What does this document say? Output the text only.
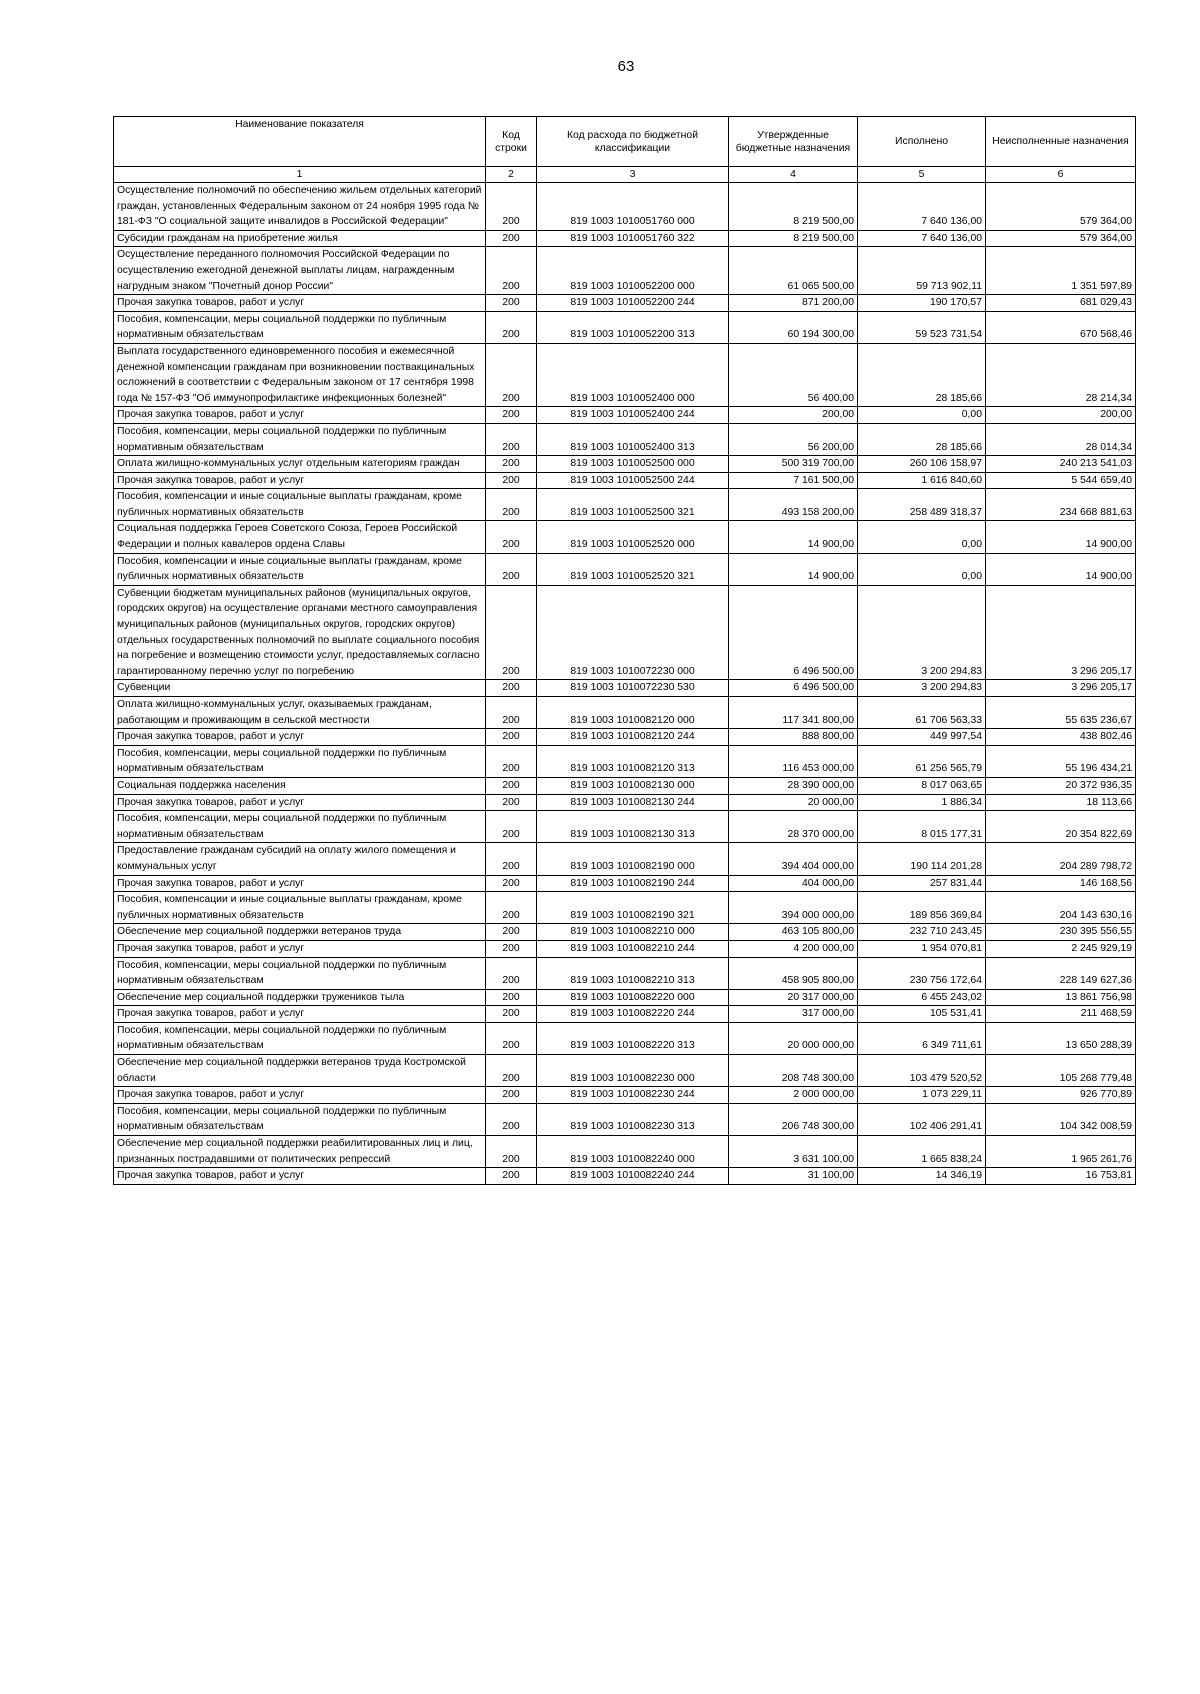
63
Наименование показателя	Код строки	Код расхода по бюджетной классификации	Утвержденные бюджетные назначения	Исполнено	Неисполненные назначения
1	2	3	4	5	6
Осуществление полномочий по обеспечению жильем отдельных категорий граждан, установленных Федеральным законом от 24 ноября 1995 года № 181-ФЗ "О социальной защите инвалидов в Российской Федерации"	200	819 1003 1010051760 000	8 219 500,00	7 640 136,00	579 364,00
Субсидии гражданам на приобретение жилья	200	819 1003 1010051760 322	8 219 500,00	7 640 136,00	579 364,00
Осуществление переданного полномочия Российской Федерации по осуществлению ежегодной денежной выплаты лицам, награжденным нагрудным знаком "Почетный донор России"	200	819 1003 1010052200 000	61 065 500,00	59 713 902,11	1 351 597,89
Прочая закупка товаров, работ и услуг	200	819 1003 1010052200 244	871 200,00	190 170,57	681 029,43
Пособия, компенсации, меры социальной поддержки по публичным нормативным обязательствам	200	819 1003 1010052200 313	60 194 300,00	59 523 731,54	670 568,46
Выплата государственного единовременного пособия и ежемесячной денежной компенсации гражданам при возникновении поствакцинальных осложнений в соответствии с Федеральным законом от 17 сентября 1998 года № 157-ФЗ "Об иммунопрофилактике инфекционных болезней"	200	819 1003 1010052400 000	56 400,00	28 185,66	28 214,34
Прочая закупка товаров, работ и услуг	200	819 1003 1010052400 244	200,00	0,00	200,00
Пособия, компенсации, меры социальной поддержки по публичным нормативным обязательствам	200	819 1003 1010052400 313	56 200,00	28 185,66	28 014,34
Оплата жилищно-коммунальных услуг отдельным категориям граждан	200	819 1003 1010052500 000	500 319 700,00	260 106 158,97	240 213 541,03
Прочая закупка товаров, работ и услуг	200	819 1003 1010052500 244	7 161 500,00	1 616 840,60	5 544 659,40
Пособия, компенсации и иные социальные выплаты гражданам, кроме публичных нормативных обязательств	200	819 1003 1010052500 321	493 158 200,00	258 489 318,37	234 668 881,63
Социальная поддержка Героев Советского Союза, Героев Российской Федерации и полных кавалеров ордена Славы	200	819 1003 1010052520 000	14 900,00	0,00	14 900,00
Пособия, компенсации и иные социальные выплаты гражданам, кроме публичных нормативных обязательств	200	819 1003 1010052520 321	14 900,00	0,00	14 900,00
Субвенции бюджетам муниципальных районов (муниципальных округов, городских округов) на осуществление органами местного самоуправления муниципальных районов (муниципальных округов, городских округов) отдельных государственных полномочий по выплате социального пособия на погребение и возмещению стоимости услуг, предоставляемых согласно гарантированному перечню услуг по погребению	200	819 1003 1010072230 000	6 496 500,00	3 200 294,83	3 296 205,17
Субвенции	200	819 1003 1010072230 530	6 496 500,00	3 200 294,83	3 296 205,17
Оплата жилищно-коммунальных услуг, оказываемых гражданам, работающим и проживающим в сельской местности	200	819 1003 1010082120 000	117 341 800,00	61 706 563,33	55 635 236,67
Прочая закупка товаров, работ и услуг	200	819 1003 1010082120 244	888 800,00	449 997,54	438 802,46
Пособия, компенсации, меры социальной поддержки по публичным нормативным обязательствам	200	819 1003 1010082120 313	116 453 000,00	61 256 565,79	55 196 434,21
Социальная поддержка населения	200	819 1003 1010082130 000	28 390 000,00	8 017 063,65	20 372 936,35
Прочая закупка товаров, работ и услуг	200	819 1003 1010082130 244	20 000,00	1 886,34	18 113,66
Пособия, компенсации, меры социальной поддержки по публичным нормативным обязательствам	200	819 1003 1010082130 313	28 370 000,00	8 015 177,31	20 354 822,69
Предоставление гражданам субсидий на оплату жилого помещения и коммунальных услуг	200	819 1003 1010082190 000	394 404 000,00	190 114 201,28	204 289 798,72
Прочая закупка товаров, работ и услуг	200	819 1003 1010082190 244	404 000,00	257 831,44	146 168,56
Пособия, компенсации и иные социальные выплаты гражданам, кроме публичных нормативных обязательств	200	819 1003 1010082190 321	394 000 000,00	189 856 369,84	204 143 630,16
Обеспечение мер социальной поддержки ветеранов труда	200	819 1003 1010082210 000	463 105 800,00	232 710 243,45	230 395 556,55
Прочая закупка товаров, работ и услуг	200	819 1003 1010082210 244	4 200 000,00	1 954 070,81	2 245 929,19
Пособия, компенсации, меры социальной поддержки по публичным нормативным обязательствам	200	819 1003 1010082210 313	458 905 800,00	230 756 172,64	228 149 627,36
Обеспечение мер социальной поддержки тружеников тыла	200	819 1003 1010082220 000	20 317 000,00	6 455 243,02	13 861 756,98
Прочая закупка товаров, работ и услуг	200	819 1003 1010082220 244	317 000,00	105 531,41	211 468,59
Пособия, компенсации, меры социальной поддержки по публичным нормативным обязательствам	200	819 1003 1010082220 313	20 000 000,00	6 349 711,61	13 650 288,39
Обеспечение мер социальной поддержки ветеранов труда Костромской области	200	819 1003 1010082230 000	208 748 300,00	103 479 520,52	105 268 779,48
Прочая закупка товаров, работ и услуг	200	819 1003 1010082230 244	2 000 000,00	1 073 229,11	926 770,89
Пособия, компенсации, меры социальной поддержки по публичным нормативным обязательствам	200	819 1003 1010082230 313	206 748 300,00	102 406 291,41	104 342 008,59
Обеспечение мер социальной поддержки реабилитированных лиц и лиц, признанных пострадавшими от политических репрессий	200	819 1003 1010082240 000	3 631 100,00	1 665 838,24	1 965 261,76
Прочая закупка товаров, работ и услуг	200	819 1003 1010082240 244	31 100,00	14 346,19	16 753,81
